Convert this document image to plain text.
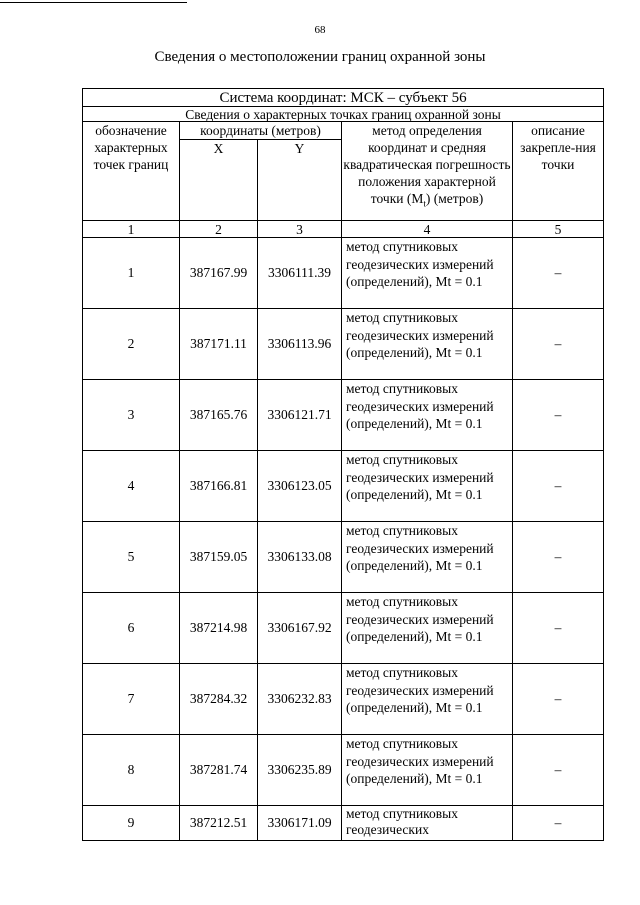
68
Сведения о местоположении границ охранной зоны
Система координат: МСК – субъект 56				
Сведения о характерных точках границ охранной зоны				
обозначение характерных точек границ	координаты (метров)		метод определения координат и средняя квадратическая погрешность положения характерной точки $(M_t)$ (метров)	описание закрепле-ния точки
	X	Y		
1	2	3	4	5
1	387167.99	3306111.39	метод спутниковых геодезических измерений (определений), Mt = 0.1	–
2	387171.11	3306113.96	метод спутниковых геодезических измерений (определений), Mt = 0.1	–
3	387165.76	3306121.71	метод спутниковых геодезических измерений (определений), Mt = 0.1	–
4	387166.81	3306123.05	метод спутниковых геодезических измерений (определений), Mt = 0.1	–
5	387159.05	3306133.08	метод спутниковых геодезических измерений (определений), Mt = 0.1	–
6	387214.98	3306167.92	метод спутниковых геодезических измерений (определений), Mt = 0.1	–
7	387284.32	3306232.83	метод спутниковых геодезических измерений (определений), Mt = 0.1	–
8	387281.74	3306235.89	метод спутниковых геодезических измерений (определений), Mt = 0.1	–
9	387212.51	3306171.09	метод спутниковых геодезических	–
